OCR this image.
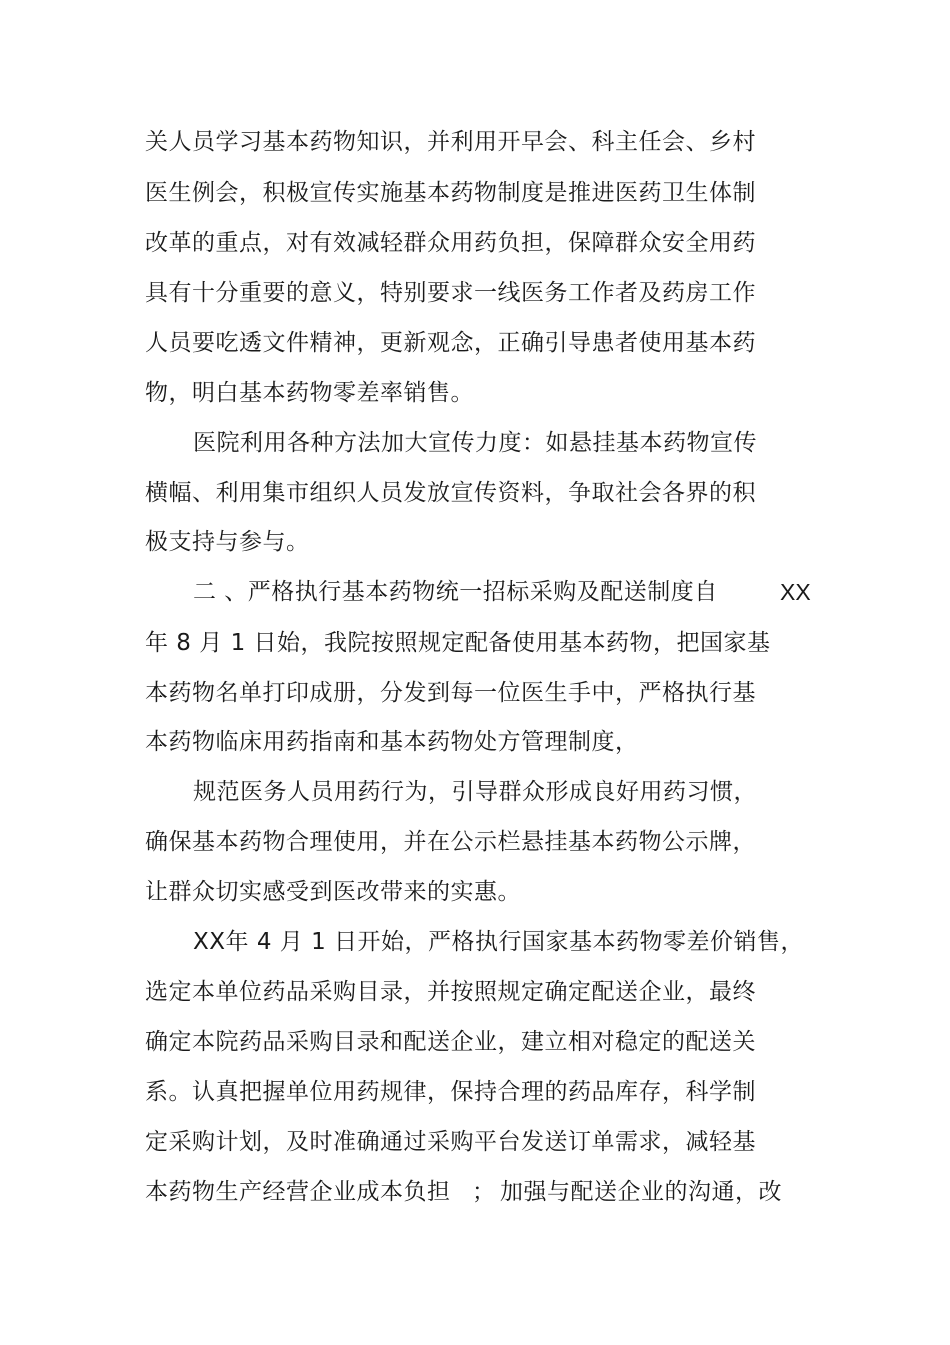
关人员学习基本药物知识，并利用开早会、科主任会、乡村
医生例会，积极宣传实施基本药物制度是推进医药卫生体制
改革的重点，对有效减轻群众用药负担，保障群众安全用药
具有十分重要的意义，特别要求一线医务工作者及药房工作
人员要吃透文件精神，更新观念，正确引导患者使用基本药
物，明白基本药物零差率销售。
医院利用各种方法加大宣传力度：如悬挂基本药物宣传
横幅、利用集市组织人员发放宣传资料，争取社会各界的积
极支持与参与。
二 、严格执行基本药物统一招标采购及配送制度自	XX
年 8 月 1 日始，我院按照规定配备使用基本药物，把国家基
本药物名单打印成册，分发到每一位医生手中，严格执行基
本药物临床用药指南和基本药物处方管理制度，
规范医务人员用药行为，引导群众形成良好用药习惯，
确保基本药物合理使用，并在公示栏悬挂基本药物公示牌，
让群众切实感受到医改带来的实惠。
XX年 4 月 1 日开始，严格执行国家基本药物零差价销售，
选定本单位药品采购目录，并按照规定确定配送企业，最终
确定本院药品采购目录和配送企业，建立相对稳定的配送关
系。认真把握单位用药规律，保持合理的药品库存，科学制
定采购计划，及时准确通过采购平台发送订单需求，减轻基
本药物生产经营企业成本负担 ； 加强与配送企业的沟通，改
